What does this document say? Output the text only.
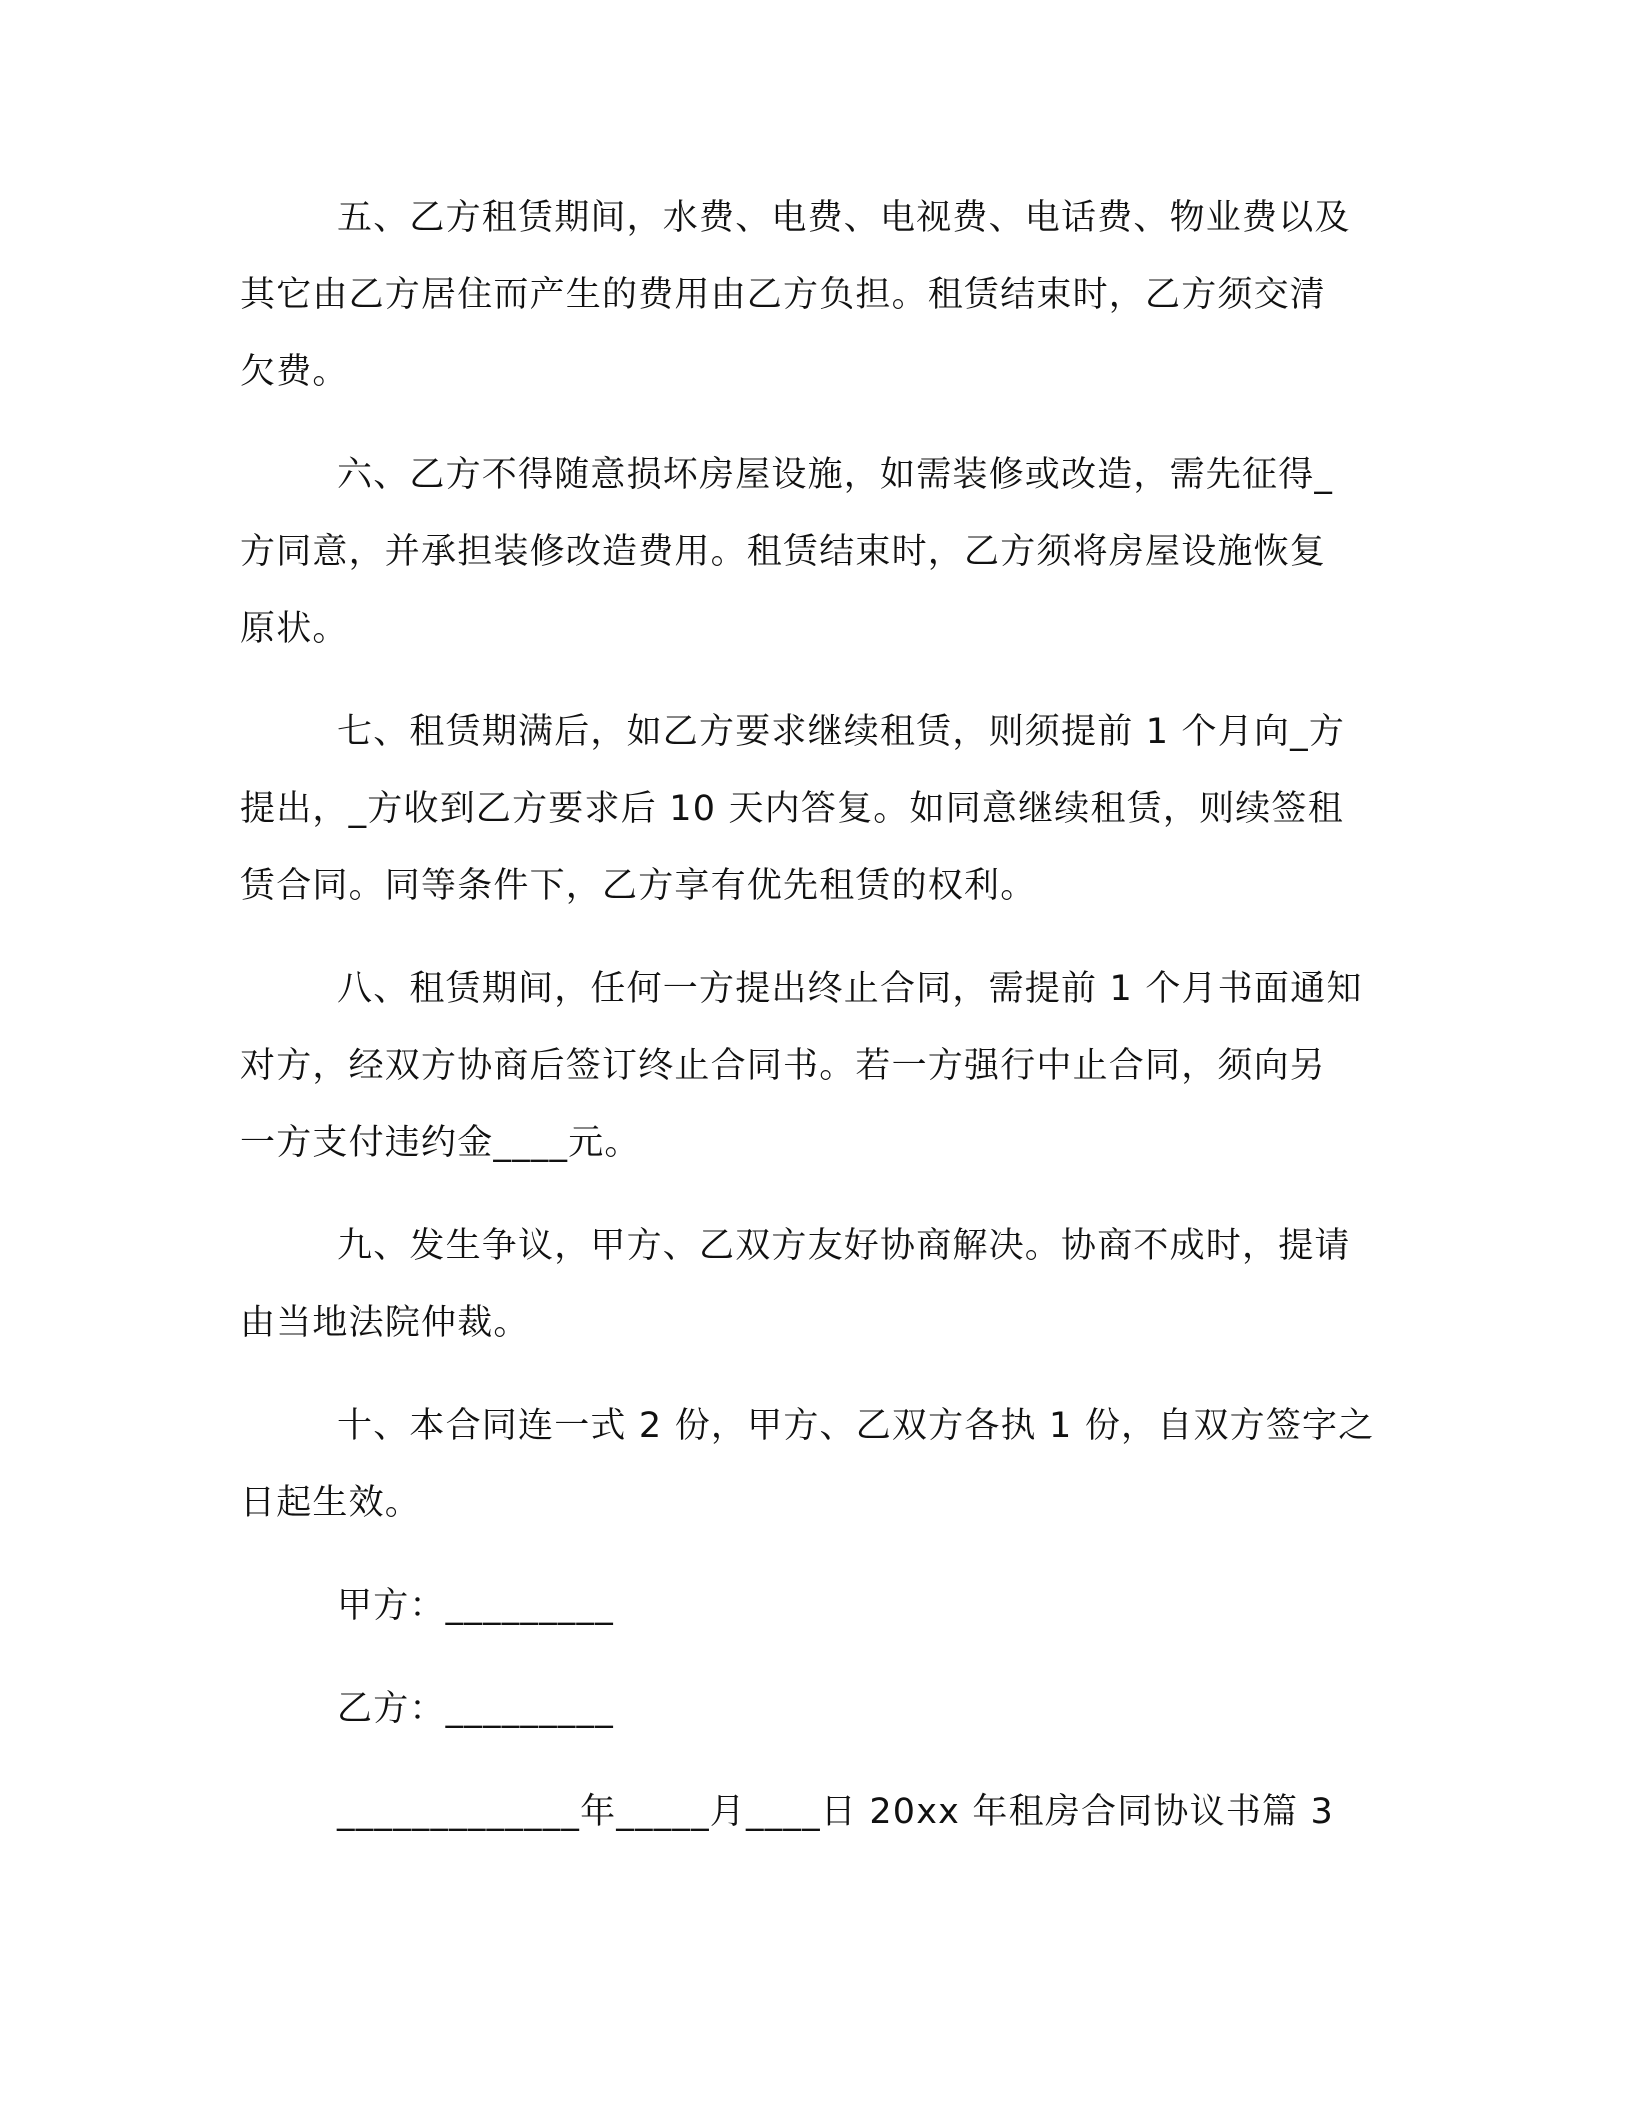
五、乙方租赁期间，水费、电费、电视费、电话费、物业费以及
其它由乙方居住而产生的费用由乙方负担。租赁结束时，乙方须交清
欠费。
六、乙方不得随意损坏房屋设施，如需装修或改造，需先征得_
方同意，并承担装修改造费用。租赁结束时，乙方须将房屋设施恢复
原状。
七、租赁期满后，如乙方要求继续租赁，则须提前 1 个月向_方
提出，_方收到乙方要求后 10 天内答复。如同意继续租赁，则续签租
赁合同。同等条件下，乙方享有优先租赁的权利。
八、租赁期间，任何一方提出终止合同，需提前 1 个月书面通知
对方，经双方协商后签订终止合同书。若一方强行中止合同，须向另
一方支付违约金____元。
九、发生争议，甲方、乙双方友好协商解决。协商不成时，提请
由当地法院仲裁。
十、本合同连一式 2 份，甲方、乙双方各执 1 份，自双方签字之
日起生效。
甲方：_________
乙方：_________
_____________年_____月____日 20xx 年租房合同协议书篇 3
